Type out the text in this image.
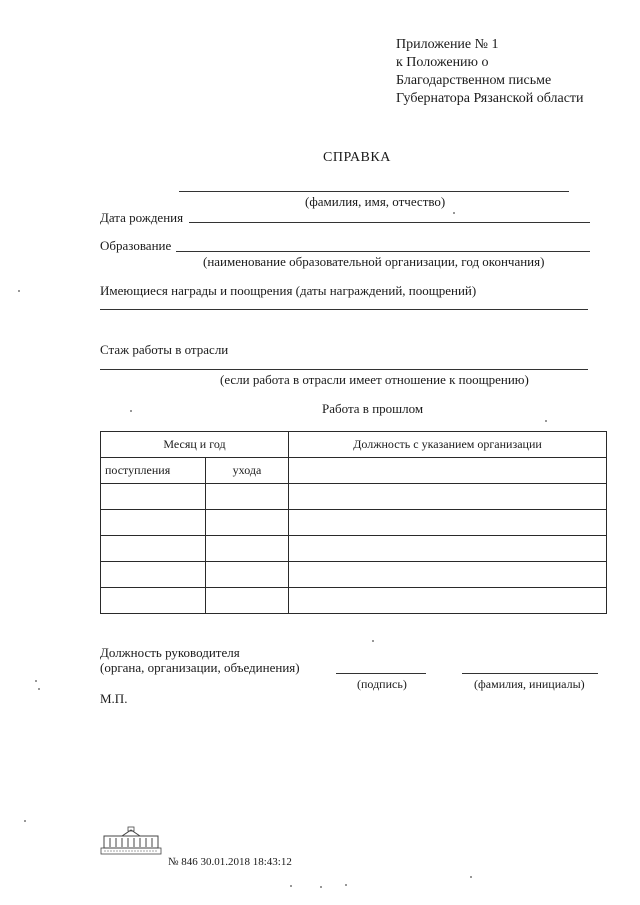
Приложение № 1
к Положению о
Благодарственном письме
Губернатора Рязанской области
СПРАВКА
(фамилия, имя, отчество)
Дата рождения
Образование
(наименование образовательной организации, год окончания)
Имеющиеся награды и поощрения (даты награждений, поощрений)
Стаж работы в отрасли
(если работа в отрасли имеет отношение к поощрению)
Работа в прошлом
Месяц и год		Должность с указанием организации
поступления	ухода	

Должность руководителя
(органа, организации, объединения)
(подпись)	(фамилия, инициалы)
М.П.
№ 846 30.01.2018 18:43:12
